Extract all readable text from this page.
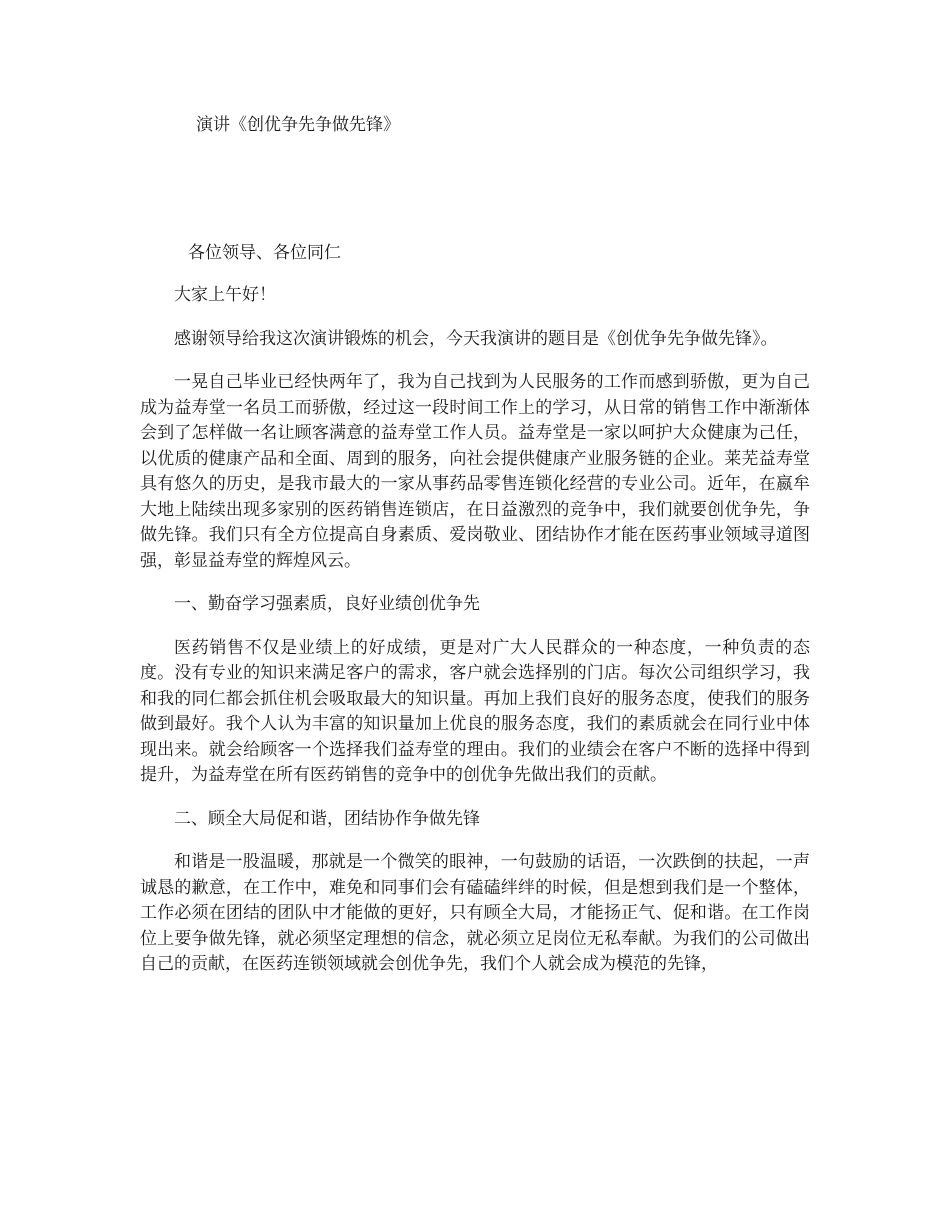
演讲《创优争先争做先锋》
各位领导、各位同仁

大家上午好！

感谢领导给我这次演讲锻炼的机会，今天我演讲的题目是《创优争先争做先锋》。

一晃自己毕业已经快两年了，我为自己找到为人民服务的工作而感到骄傲，更为自己成为益寿堂一名员工而骄傲，经过这一段时间工作上的学习，从日常的销售工作中渐渐体会到了怎样做一名让顾客满意的益寿堂工作人员。益寿堂是一家以呵护大众健康为己任，以优质的健康产品和全面、周到的服务，向社会提供健康产业服务链的企业。莱芜益寿堂具有悠久的历史，是我市最大的一家从事药品零售连锁化经营的专业公司。近年，在嬴牟大地上陆续出现多家别的医药销售连锁店，在日益激烈的竞争中，我们就要创优争先，争做先锋。我们只有全方位提高自身素质、爱岗敬业、团结协作才能在医药事业领域寻道图强，彰显益寿堂的辉煌风云。

一、勤奋学习强素质，良好业绩创优争先

医药销售不仅是业绩上的好成绩，更是对广大人民群众的一种态度，一种负责的态度。没有专业的知识来满足客户的需求，客户就会选择别的门店。每次公司组织学习，我和我的同仁都会抓住机会吸取最大的知识量。再加上我们良好的服务态度，使我们的服务做到最好。我个人认为丰富的知识量加上优良的服务态度，我们的素质就会在同行业中体现出来。就会给顾客一个选择我们益寿堂的理由。我们的业绩会在客户不断的选择中得到提升，为益寿堂在所有医药销售的竞争中的创优争先做出我们的贡献。

二、顾全大局促和谐，团结协作争做先锋

和谐是一股温暖，那就是一个微笑的眼神，一句鼓励的话语，一次跌倒的扶起，一声诚恳的歉意，在工作中，难免和同事们会有磕磕绊绊的时候，但是想到我们是一个整体，工作必须在团结的团队中才能做的更好，只有顾全大局，才能扬正气、促和谐。在工作岗位上要争做先锋，就必须坚定理想的信念，就必须立足岗位无私奉献。为我们的公司做出自己的贡献，在医药连锁领域就会创优争先，我们个人就会成为模范的先锋，
